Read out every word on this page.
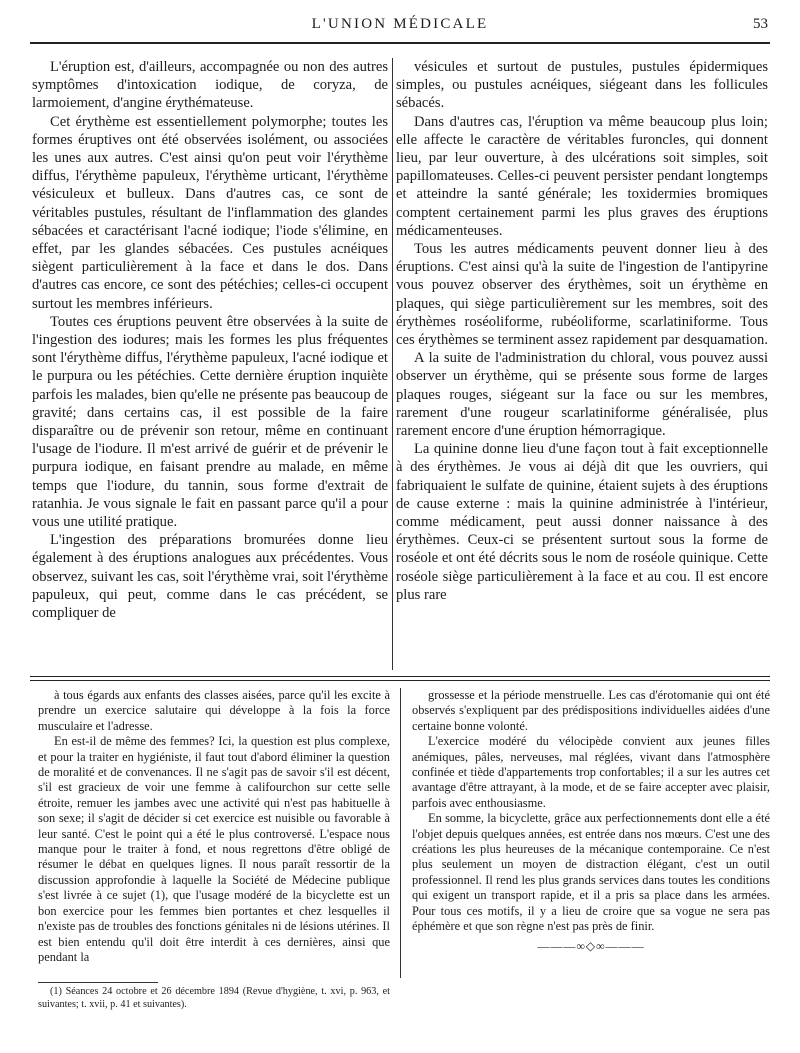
L'UNION MÉDICALE	53

L'éruption est, d'ailleurs, accompagnée ou non des autres symptômes d'intoxication iodique, de coryza, de larmoiement, d'angine érythémateuse.

Cet érythème est essentiellement polymorphe; toutes les formes éruptives ont été observées isolément, ou associées les unes aux autres. C'est ainsi qu'on peut voir l'érythème diffus, l'érythème papuleux, l'érythème urticant, l'érythème vésiculeux et bulleux. Dans d'autres cas, ce sont de véritables pustules, résultant de l'inflammation des glandes sébacées et caractérisant l'acné iodique; l'iode s'élimine, en effet, par les glandes sébacées. Ces pustules acnéiques siègent particulièrement à la face et dans le dos. Dans d'autres cas encore, ce sont des pétéchies; celles-ci occupent surtout les membres inférieurs.

Toutes ces éruptions peuvent être observées à la suite de l'ingestion des iodures; mais les formes les plus fréquentes sont l'érythème diffus, l'érythème papuleux, l'acné iodique et le purpura ou les pétéchies. Cette dernière éruption inquiète parfois les malades, bien qu'elle ne présente pas beaucoup de gravité; dans certains cas, il est possible de la faire disparaître ou de prévenir son retour, même en continuant l'usage de l'iodure. Il m'est arrivé de guérir et de prévenir le purpura iodique, en faisant prendre au malade, en même temps que l'iodure, du tannin, sous forme d'extrait de ratanhia. Je vous signale le fait en passant parce qu'il a pour vous une utilité pratique.

L'ingestion des préparations bromurées donne lieu également à des éruptions analogues aux précédentes. Vous observez, suivant les cas, soit l'érythème vrai, soit l'érythème papuleux, qui peut, comme dans le cas précédent, se compliquer de

vésicules et surtout de pustules, pustules épidermiques simples, ou pustules acnéiques, siégeant dans les follicules sébacés.

Dans d'autres cas, l'éruption va même beaucoup plus loin; elle affecte le caractère de véritables furoncles, qui donnent lieu, par leur ouverture, à des ulcérations soit simples, soit papillomateuses. Celles-ci peuvent persister pendant longtemps et atteindre la santé générale; les toxidermies bromiques comptent certainement parmi les plus graves des éruptions médicamenteuses.

Tous les autres médicaments peuvent donner lieu à des éruptions. C'est ainsi qu'à la suite de l'ingestion de l'antipyrine vous pouvez observer des érythèmes, soit un érythème en plaques, qui siège particulièrement sur les membres, soit des érythèmes roséoliforme, rubéoliforme, scarlatiniforme. Tous ces érythèmes se terminent assez rapidement par desquamation.

A la suite de l'administration du chloral, vous pouvez aussi observer un érythème, qui se présente sous forme de larges plaques rouges, siégeant sur la face ou sur les membres, rarement d'une rougeur scarlatiniforme généralisée, plus rarement encore d'une éruption hémorragique.

La quinine donne lieu d'une façon tout à fait exceptionnelle à des érythèmes. Je vous ai déjà dit que les ouvriers, qui fabriquaient le sulfate de quinine, étaient sujets à des éruptions de cause externe : mais la quinine administrée à l'intérieur, comme médicament, peut aussi donner naissance à des érythèmes. Ceux-ci se présentent surtout sous la forme de roséole et ont été décrits sous le nom de roséole quinique. Cette roséole siège particulièrement à la face et au cou. Il est encore plus rare

à tous égards aux enfants des classes aisées, parce qu'il les excite à prendre un exercice salutaire qui développe à la fois la force musculaire et l'adresse.

En est-il de même des femmes? Ici, la question est plus complexe, et pour la traiter en hygiéniste, il faut tout d'abord éliminer la question de moralité et de convenances. Il ne s'agit pas de savoir s'il est décent, s'il est gracieux de voir une femme à califourchon sur cette selle étroite, remuer les jambes avec une activité qui n'est pas habituelle à son sexe; il s'agit de décider si cet exercice est nuisible ou favorable à leur santé. C'est le point qui a été le plus controversé. L'espace nous manque pour le traiter à fond, et nous regrettons d'être obligé de résumer le débat en quelques lignes. Il nous paraît ressortir de la discussion approfondie à laquelle la Société de Médecine publique s'est livrée à ce sujet (1), que l'usage modéré de la bicyclette est un bon exercice pour les femmes bien portantes et chez lesquelles il n'existe pas de troubles des fonctions génitales ni de lésions utérines. Il est bien entendu qu'il doit être interdit à ces dernières, ainsi que pendant la

grossesse et la période menstruelle. Les cas d'érotomanie qui ont été observés s'expliquent par des prédispositions individuelles aidées d'une certaine bonne volonté.

L'exercice modéré du vélocipède convient aux jeunes filles anémiques, pâles, nerveuses, mal réglées, vivant dans l'atmosphère confinée et tiède d'appartements trop confortables; il a sur les autres cet avantage d'être attrayant, à la mode, et de se faire accepter avec plaisir, parfois avec enthousiasme.

En somme, la bicyclette, grâce aux perfectionnements dont elle a été l'objet depuis quelques années, est entrée dans nos mœurs. C'est une des créations les plus heureuses de la mécanique contemporaine. Ce n'est plus seulement un moyen de distraction élégant, c'est un outil professionnel. Il rend les plus grands services dans toutes les conditions qui exigent un transport rapide, et il a pris sa place dans les armées. Pour tous ces motifs, il y a lieu de croire que sa vogue ne sera pas éphémère et que son règne n'est pas près de finir.

———∞◇∞———

(1) Séances 24 octobre et 26 décembre 1894 (Revue d'hygiène, t. xvi, p. 963, et suivantes; t. xvii, p. 41 et suivantes).
